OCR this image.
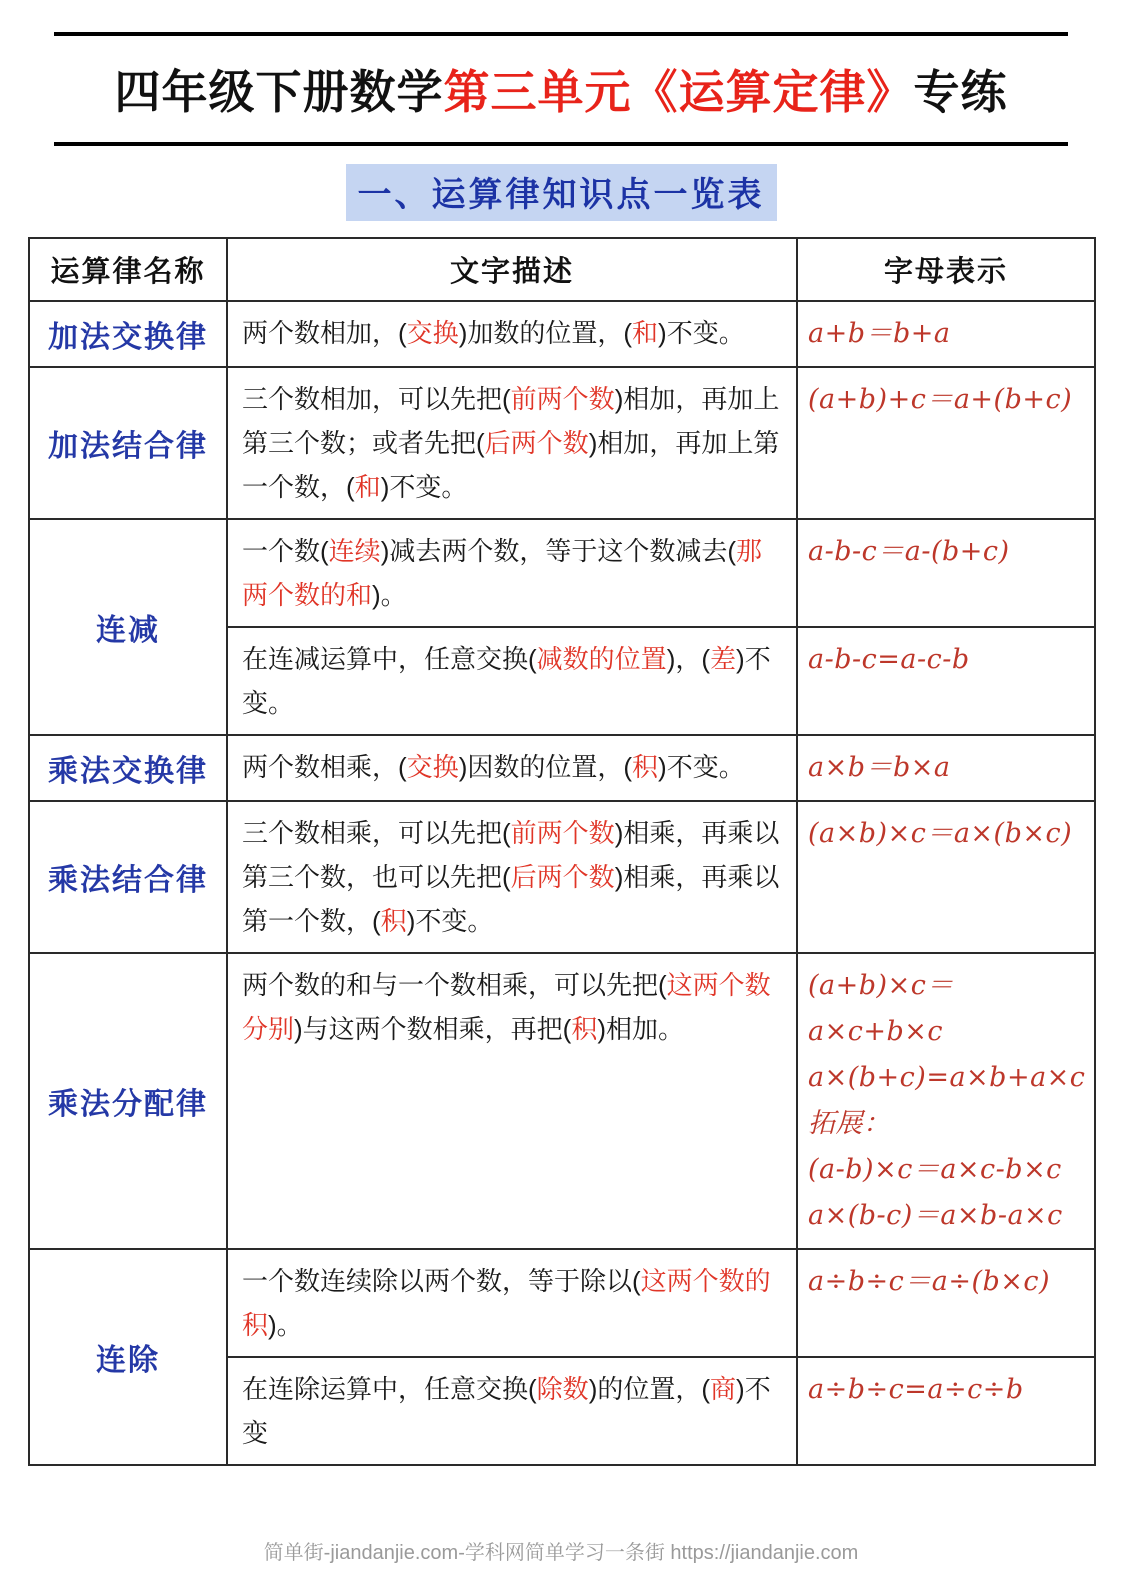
四年级下册数学第三单元《运算定律》专练
一、运算律知识点一览表
运算律名称	文字描述	字母表示
加法交换律	两个数相加，(交换)加数的位置，(和)不变。	a+b＝b+a

加法结合律	三个数相加，可以先把(前两个数)相加，再加上第三个数；或者先把(后两个数)相加，再加上第一个数，(和)不变。	(a+b)+c＝a+(b+c)

连减	一个数(连续)减去两个数，等于这个数减去(那两个数的和)。	a-b-c＝a-(b+c)

	在连减运算中，任意交换(减数的位置)，(差)不变。	a-b-c=a-c-b

乘法交换律	两个数相乘，(交换)因数的位置，(积)不变。	a×b＝b×a

乘法结合律	三个数相乘，可以先把(前两个数)相乘，再乘以第三个数，也可以先把(后两个数)相乘，再乘以第一个数，(积)不变。	(a×b)×c＝a×(b×c)

乘法分配律	两个数的和与一个数相乘，可以先把(这两个数分别)与这两个数相乘，再把(积)相加。	(a+b)×c＝a×c+b×c
a×(b+c)=a×b+a×c
拓展：
(a-b)×c＝a×c-b×c
a×(b-c)＝a×b-a×c

连除	一个数连续除以两个数，等于除以(这两个数的积)。	a÷b÷c＝a÷(b×c)

	在连除运算中，任意交换(除数)的位置，(商)不变	a÷b÷c=a÷c÷b
简单街-jiandanjie.com-学科网简单学习一条街 https://jiandanjie.com
